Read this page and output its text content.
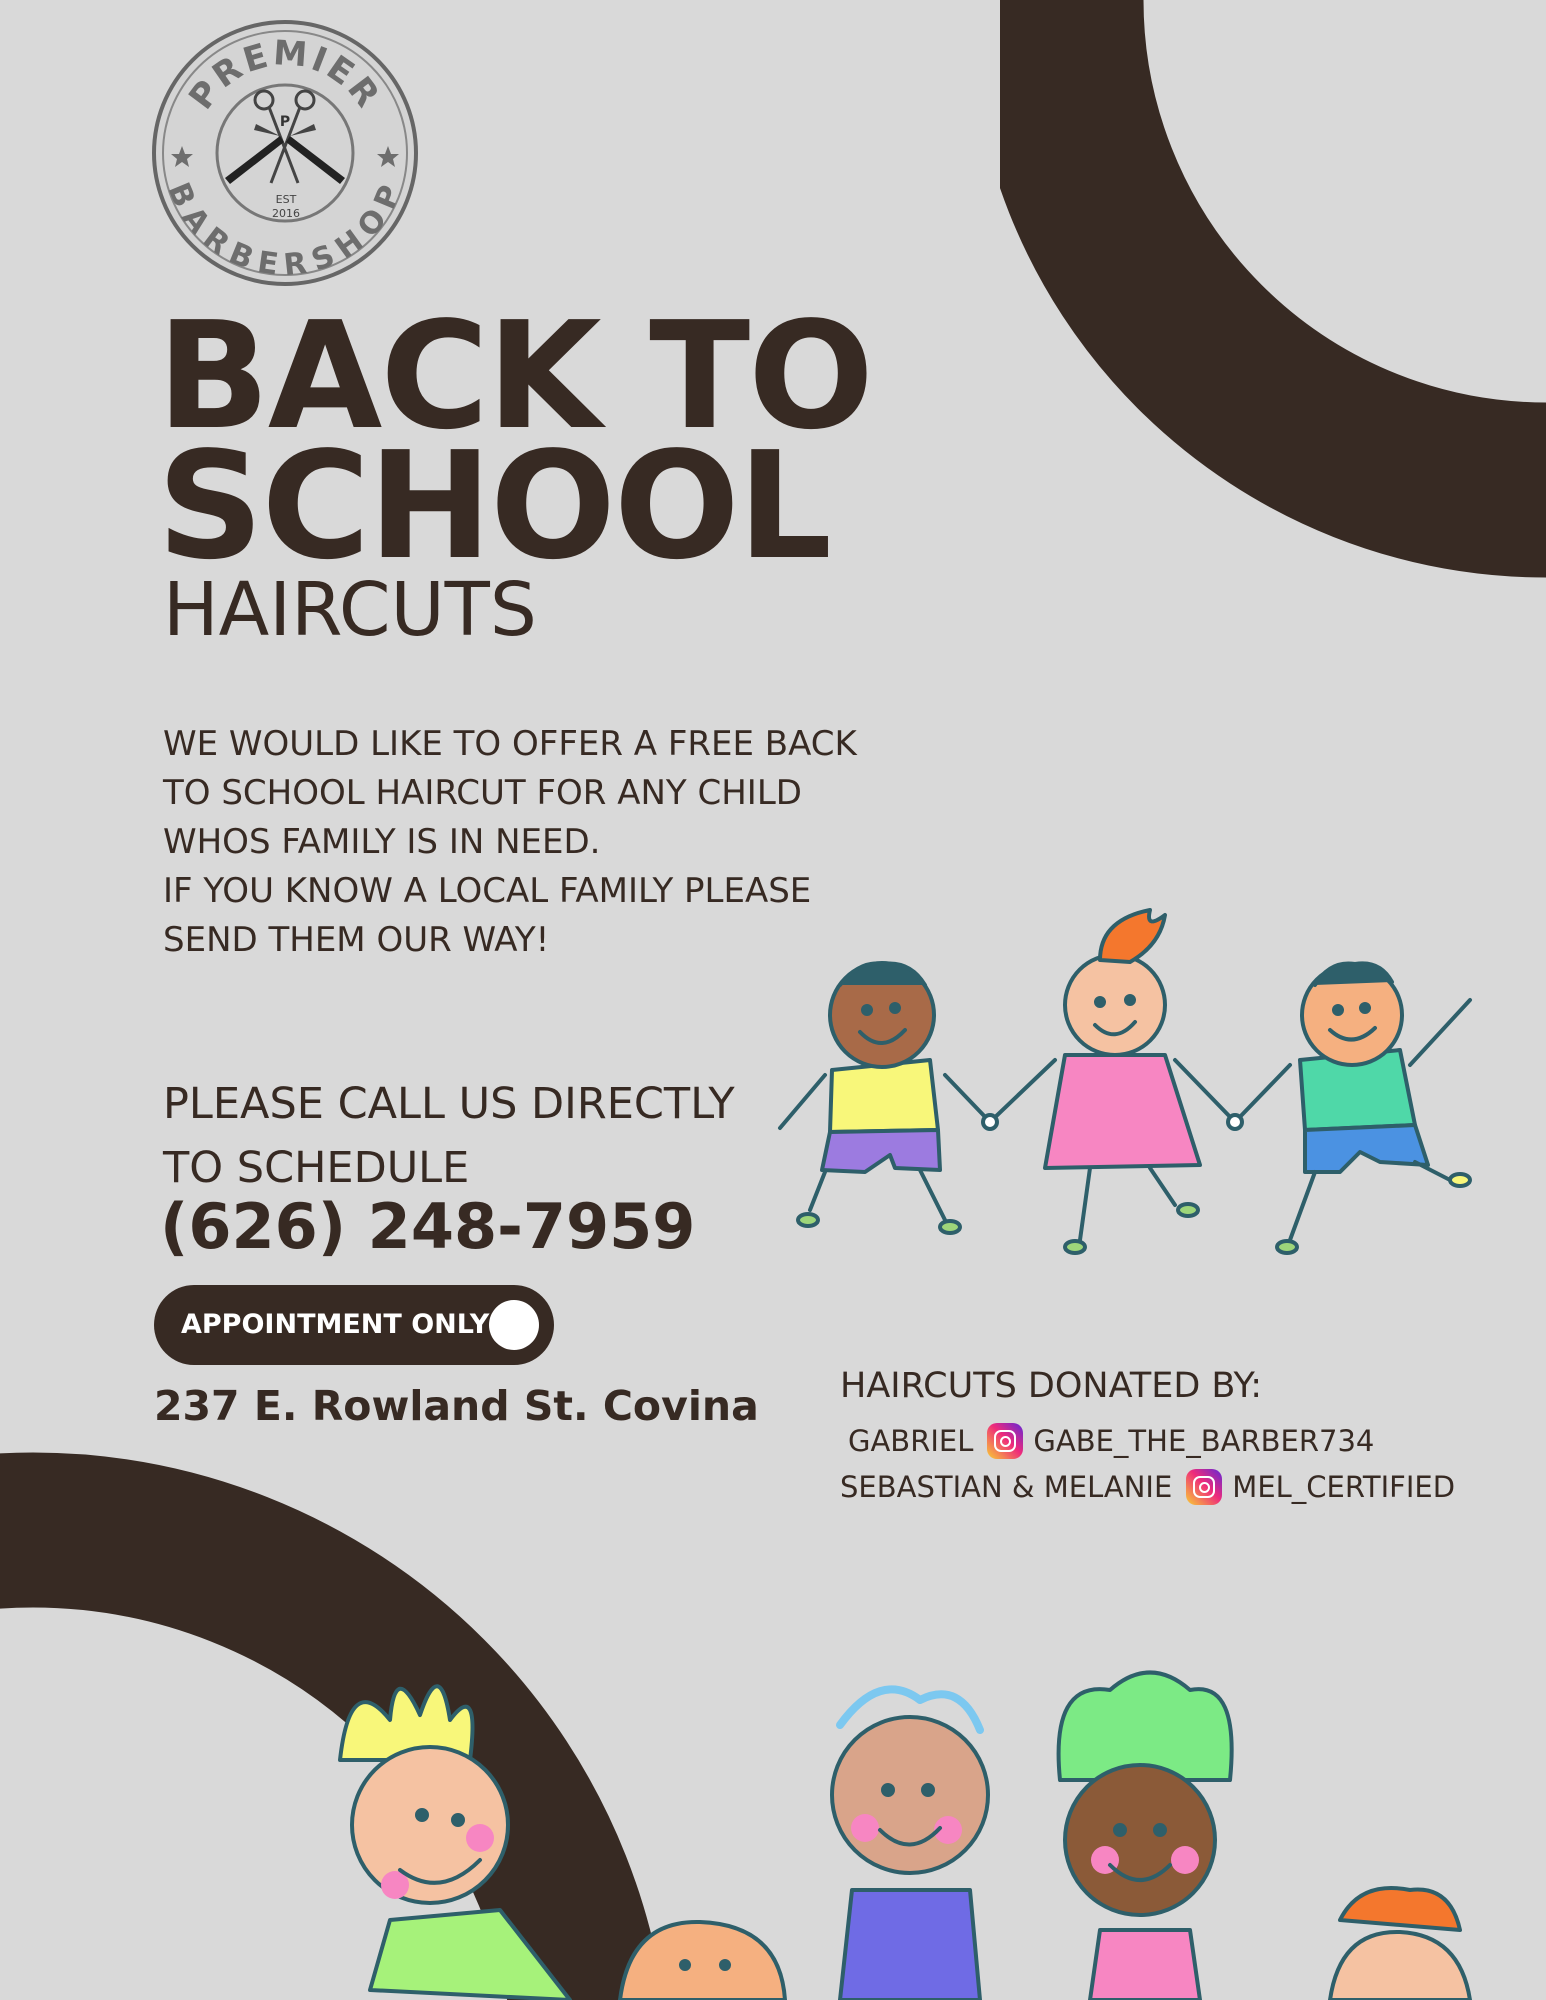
PREMIER
BARBERSHOP
P
EST
2016
BACK TO
SCHOOL
HAIRCUTS
WE WOULD LIKE TO OFFER A FREE BACK
TO SCHOOL HAIRCUT FOR ANY CHILD
WHOS FAMILY IS IN NEED.
IF YOU KNOW A LOCAL FAMILY PLEASE
SEND THEM OUR WAY!
PLEASE CALL US DIRECTLY
TO SCHEDULE
(626) 248-7959
APPOINTMENT ONLY
237 E. Rowland St. Covina HAIRCUTS DONATED BY:
GABRIEL GABE_THE_BARBER734
SEBASTIAN & MELANIE MEL_CERTIFIED
